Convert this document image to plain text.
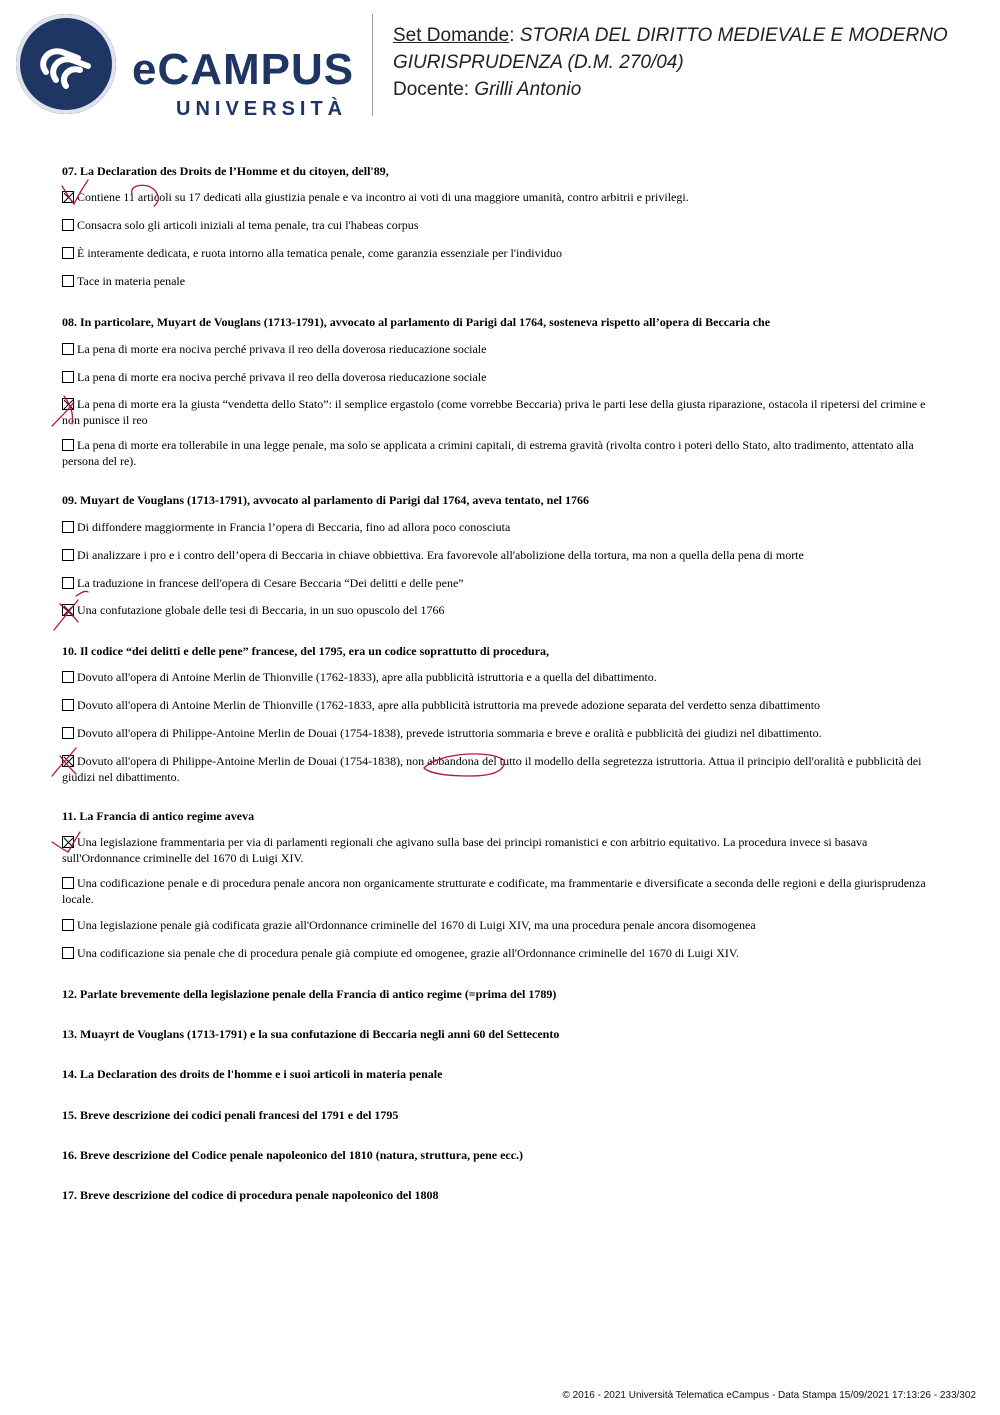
eCAMPUS
UNIVERSITÀ
Set Domande: STORIA DEL DIRITTO MEDIEVALE E MODERNO
GIURISPRUDENZA (D.M. 270/04)
Docente: Grilli Antonio
07. La Declaration des Droits de l’Homme et du citoyen, dell'89,
Contiene 11 articoli su 17 dedicati alla giustizia penale e va incontro ai voti di una maggiore umanità, contro arbitrii e privilegi.
Consacra solo gli articoli iniziali al tema penale, tra cui l'habeas corpus
È interamente dedicata, e ruota intorno alla tematica penale, come garanzia essenziale per l'individuo
Tace in materia penale
08. In particolare, Muyart de Vouglans (1713-1791), avvocato al parlamento di Parigi dal 1764, sosteneva rispetto all’opera di Beccaria che
La pena di morte era nociva perché privava il reo della doverosa rieducazione sociale
La pena di morte era nociva perché privava il reo della doverosa rieducazione sociale
La pena di morte era la giusta “vendetta dello Stato”: il semplice ergastolo (come vorrebbe Beccaria) priva le parti lese della giusta riparazione, ostacola il ripetersi del crimine e non punisce il reo
La pena di morte era tollerabile in una legge penale, ma solo se applicata a crimini capitali, di estrema gravità (rivolta contro i poteri dello Stato, alto tradimento, attentato alla persona del re).
09. Muyart de Vouglans (1713-1791), avvocato al parlamento di Parigi dal 1764, aveva tentato, nel 1766
Di diffondere maggiormente in Francia l’opera di Beccaria, fino ad allora poco conosciuta
Di analizzare i pro e i contro dell’opera di Beccaria in chiave obbiettiva. Era favorevole all'abolizione della tortura, ma non a quella della pena di morte
La traduzione in francese dell'opera di Cesare Beccaria “Dei delitti e delle pene”
Una confutazione globale delle tesi di Beccaria, in un suo opuscolo del 1766
10. Il codice “dei delitti e delle pene” francese, del 1795, era un codice soprattutto di procedura,
Dovuto all'opera di Antoine Merlin de Thionville (1762-1833), apre alla pubblicità istruttoria e a quella del dibattimento.
Dovuto all'opera di Antoine Merlin de Thionville (1762-1833, apre alla pubblicità istruttoria ma prevede adozione separata del verdetto senza dibattimento
Dovuto all'opera di Philippe-Antoine Merlin de Douai (1754-1838), prevede istruttoria sommaria e breve e oralità e pubblicità dei giudizi nel dibattimento.
Dovuto all'opera di Philippe-Antoine Merlin de Douai (1754-1838), non abbandona del tutto il modello della segretezza istruttoria. Attua il principio dell'oralità e pubblicità dei giudizi nel dibattimento.
11. La Francia di antico regime aveva
Una legislazione frammentaria per via di parlamenti regionali che agivano sulla base dei principi romanistici e con arbitrio equitativo. La procedura invece si basava sull'Ordonnance criminelle del 1670 di Luigi XIV.
Una codificazione penale e di procedura penale ancora non organicamente strutturate e codificate, ma frammentarie e diversificate a seconda delle regioni e della giurisprudenza locale.
Una legislazione penale già codificata grazie all'Ordonnance criminelle del 1670 di Luigi XIV, ma una procedura penale ancora disomogenea
Una codificazione sia penale che di procedura penale già compiute ed omogenee, grazie all'Ordonnance criminelle del 1670 di Luigi XIV.
12. Parlate brevemente della legislazione penale della Francia di antico regime (=prima del 1789)
13. Muayrt de Vouglans (1713-1791) e la sua confutazione di Beccaria negli anni 60 del Settecento
14. La Declaration des droits de l'homme e i suoi articoli in materia penale
15. Breve descrizione dei codici penali francesi del 1791 e del 1795
16. Breve descrizione del Codice penale napoleonico del 1810 (natura, struttura, pene ecc.)
17. Breve descrizione del codice di procedura penale napoleonico del 1808
© 2016 - 2021 Università Telematica eCampus - Data Stampa 15/09/2021 17:13:26 - 233/302
